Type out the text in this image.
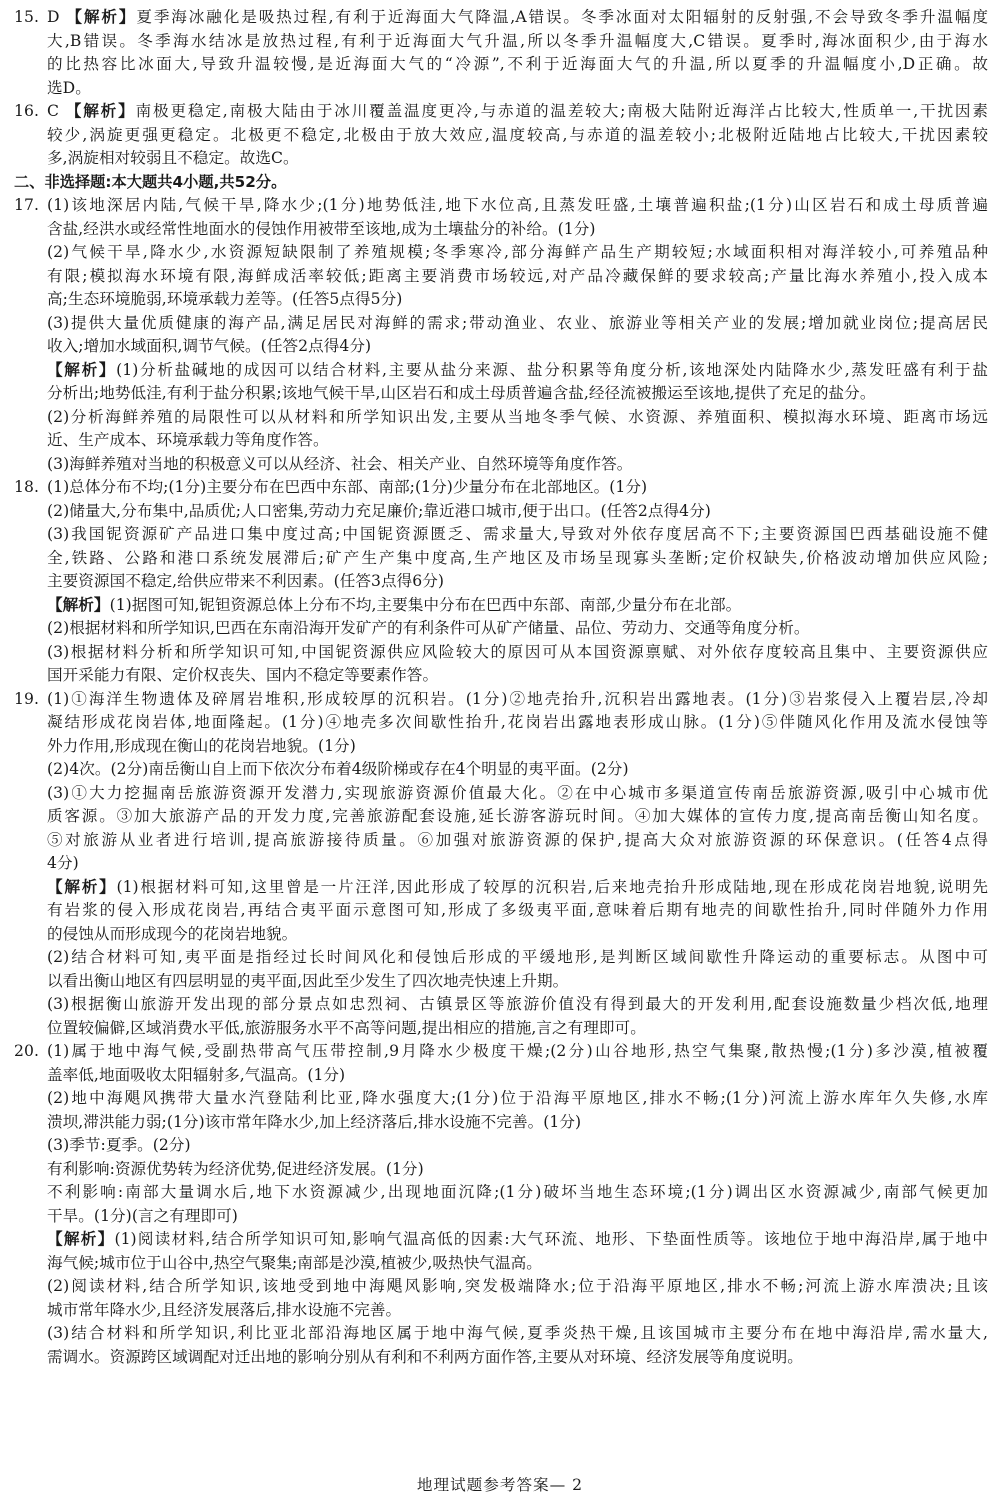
15. D 【解析】夏季海冰融化是吸热过程,有利于近海面大气降温,A错误。冬季冰面对太阳辐射的反射强,不会导致冬季升温幅度
大,B错误。冬季海水结冰是放热过程,有利于近海面大气升温,所以冬季升温幅度大,C错误。夏季时,海冰面积少,由于海水
的比热容比冰面大,导致升温较慢,是近海面大气的“冷源”,不利于近海面大气的升温,所以夏季的升温幅度小,D正确。故
选D。
16. C 【解析】南极更稳定,南极大陆由于冰川覆盖温度更冷,与赤道的温差较大;南极大陆附近海洋占比较大,性质单一,干扰因素
较少,涡旋更强更稳定。北极更不稳定,北极由于放大效应,温度较高,与赤道的温差较小;北极附近陆地占比较大,干扰因素较
多,涡旋相对较弱且不稳定。故选C。
二、非选择题:本大题共4小题,共52分。
17. (1)该地深居内陆,气候干旱,降水少;(1分)地势低洼,地下水位高,且蒸发旺盛,土壤普遍积盐;(1分)山区岩石和成土母质普遍
含盐,经洪水或经常性地面水的侵蚀作用被带至该地,成为土壤盐分的补给。(1分)
(2)气候干旱,降水少,水资源短缺限制了养殖规模;冬季寒冷,部分海鲜产品生产期较短;水域面积相对海洋较小,可养殖品种
有限;模拟海水环境有限,海鲜成活率较低;距离主要消费市场较远,对产品冷藏保鲜的要求较高;产量比海水养殖小,投入成本
高;生态环境脆弱,环境承载力差等。(任答5点得5分)
(3)提供大量优质健康的海产品,满足居民对海鲜的需求;带动渔业、农业、旅游业等相关产业的发展;增加就业岗位;提高居民
收入;增加水域面积,调节气候。(任答2点得4分)
【解析】(1)分析盐碱地的成因可以结合材料,主要从盐分来源、盐分积累等角度分析,该地深处内陆降水少,蒸发旺盛有利于盐
分析出;地势低洼,有利于盐分积累;该地气候干旱,山区岩石和成土母质普遍含盐,经径流被搬运至该地,提供了充足的盐分。
(2)分析海鲜养殖的局限性可以从材料和所学知识出发,主要从当地冬季气候、水资源、养殖面积、模拟海水环境、距离市场远
近、生产成本、环境承载力等角度作答。
(3)海鲜养殖对当地的积极意义可以从经济、社会、相关产业、自然环境等角度作答。
18. (1)总体分布不均;(1分)主要分布在巴西中东部、南部;(1分)少量分布在北部地区。(1分)
(2)储量大,分布集中,品质优;人口密集,劳动力充足廉价;靠近港口城市,便于出口。(任答2点得4分)
(3)我国铌资源矿产品进口集中度过高;中国铌资源匮乏、需求量大,导致对外依存度居高不下;主要资源国巴西基础设施不健
全,铁路、公路和港口系统发展滞后;矿产生产集中度高,生产地区及市场呈现寡头垄断;定价权缺失,价格波动增加供应风险;
主要资源国不稳定,给供应带来不利因素。(任答3点得6分)
【解析】(1)据图可知,铌钽资源总体上分布不均,主要集中分布在巴西中东部、南部,少量分布在北部。
(2)根据材料和所学知识,巴西在东南沿海开发矿产的有利条件可从矿产储量、品位、劳动力、交通等角度分析。
(3)根据材料分析和所学知识可知,中国铌资源供应风险较大的原因可从本国资源禀赋、对外依存度较高且集中、主要资源供应
国开采能力有限、定价权丧失、国内不稳定等要素作答。
19. (1)①海洋生物遗体及碎屑岩堆积,形成较厚的沉积岩。(1分)②地壳抬升,沉积岩出露地表。(1分)③岩浆侵入上覆岩层,冷却
凝结形成花岗岩体,地面隆起。(1分)④地壳多次间歇性抬升,花岗岩出露地表形成山脉。(1分)⑤伴随风化作用及流水侵蚀等
外力作用,形成现在衡山的花岗岩地貌。(1分)
(2)4次。(2分)南岳衡山自上而下依次分布着4级阶梯或存在4个明显的夷平面。(2分)
(3)①大力挖掘南岳旅游资源开发潜力,实现旅游资源价值最大化。②在中心城市多渠道宣传南岳旅游资源,吸引中心城市优
质客源。③加大旅游产品的开发力度,完善旅游配套设施,延长游客游玩时间。④加大媒体的宣传力度,提高南岳衡山知名度。
⑤对旅游从业者进行培训,提高旅游接待质量。⑥加强对旅游资源的保护,提高大众对旅游资源的环保意识。(任答4点得
4分)
【解析】(1)根据材料可知,这里曾是一片汪洋,因此形成了较厚的沉积岩,后来地壳抬升形成陆地,现在形成花岗岩地貌,说明先
有岩浆的侵入形成花岗岩,再结合夷平面示意图可知,形成了多级夷平面,意味着后期有地壳的间歇性抬升,同时伴随外力作用
的侵蚀从而形成现今的花岗岩地貌。
(2)结合材料可知,夷平面是指经过长时间风化和侵蚀后形成的平缓地形,是判断区域间歇性升降运动的重要标志。从图中可
以看出衡山地区有四层明显的夷平面,因此至少发生了四次地壳快速上升期。
(3)根据衡山旅游开发出现的部分景点如忠烈祠、古镇景区等旅游价值没有得到最大的开发利用,配套设施数量少档次低,地理
位置较偏僻,区域消费水平低,旅游服务水平不高等问题,提出相应的措施,言之有理即可。
20. (1)属于地中海气候,受副热带高气压带控制,9月降水少极度干燥;(2分)山谷地形,热空气集聚,散热慢;(1分)多沙漠,植被覆
盖率低,地面吸收太阳辐射多,气温高。(1分)
(2)地中海飓风携带大量水汽登陆利比亚,降水强度大;(1分)位于沿海平原地区,排水不畅;(1分)河流上游水库年久失修,水库
溃坝,滞洪能力弱;(1分)该市常年降水少,加上经济落后,排水设施不完善。(1分)
(3)季节:夏季。(2分)
有利影响:资源优势转为经济优势,促进经济发展。(1分)
不利影响:南部大量调水后,地下水资源减少,出现地面沉降;(1分)破坏当地生态环境;(1分)调出区水资源减少,南部气候更加
干旱。(1分)(言之有理即可)
【解析】(1)阅读材料,结合所学知识可知,影响气温高低的因素:大气环流、地形、下垫面性质等。该地位于地中海沿岸,属于地中
海气候;城市位于山谷中,热空气聚集;南部是沙漠,植被少,吸热快气温高。
(2)阅读材料,结合所学知识,该地受到地中海飓风影响,突发极端降水;位于沿海平原地区,排水不畅;河流上游水库溃决;且该
城市常年降水少,且经济发展落后,排水设施不完善。
(3)结合材料和所学知识,利比亚北部沿海地区属于地中海气候,夏季炎热干燥,且该国城市主要分布在地中海沿岸,需水量大,
需调水。资源跨区域调配对迁出地的影响分别从有利和不利两方面作答,主要从对环境、经济发展等角度说明。
地理试题参考答案— 2
